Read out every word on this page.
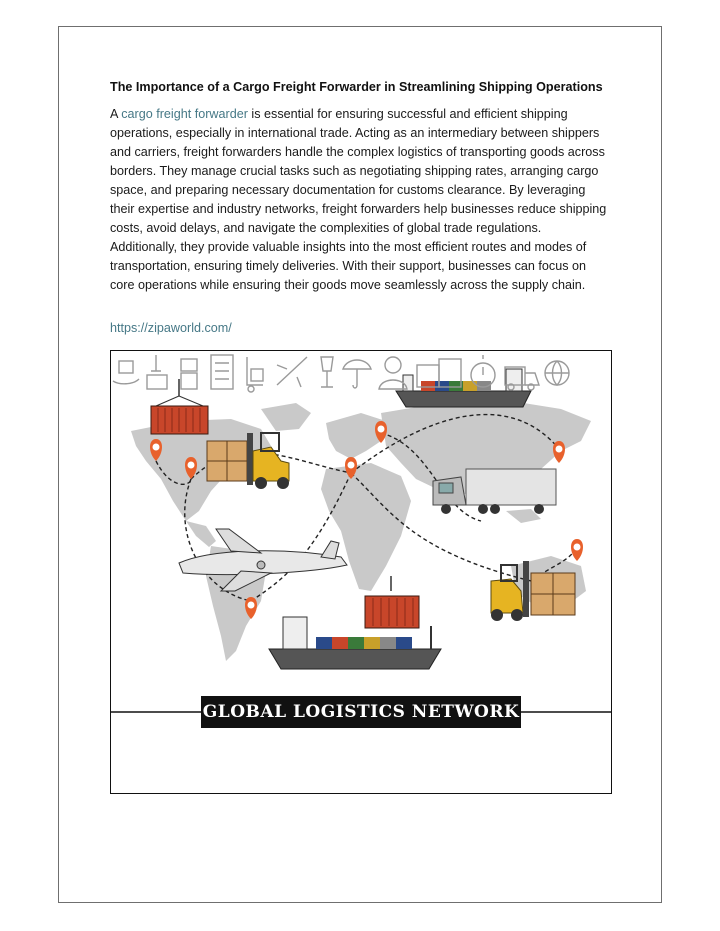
The Importance of a Cargo Freight Forwarder in Streamlining Shipping Operations

A cargo freight forwarder is essential for ensuring successful and efficient shipping operations, especially in international trade. Acting as an intermediary between shippers and carriers, freight forwarders handle the complex logistics of transporting goods across borders. They manage crucial tasks such as negotiating shipping rates, arranging cargo space, and preparing necessary documentation for customs clearance. By leveraging their expertise and industry networks, freight forwarders help businesses reduce shipping costs, avoid delays, and navigate the complexities of global trade regulations. Additionally, they provide valuable insights into the most efficient routes and modes of transportation, ensuring timely deliveries. With their support, businesses can focus on core operations while ensuring their goods move seamlessly across the supply chain.

https://zipaworld.com/
GLOBAL LOGISTICS NETWORK
